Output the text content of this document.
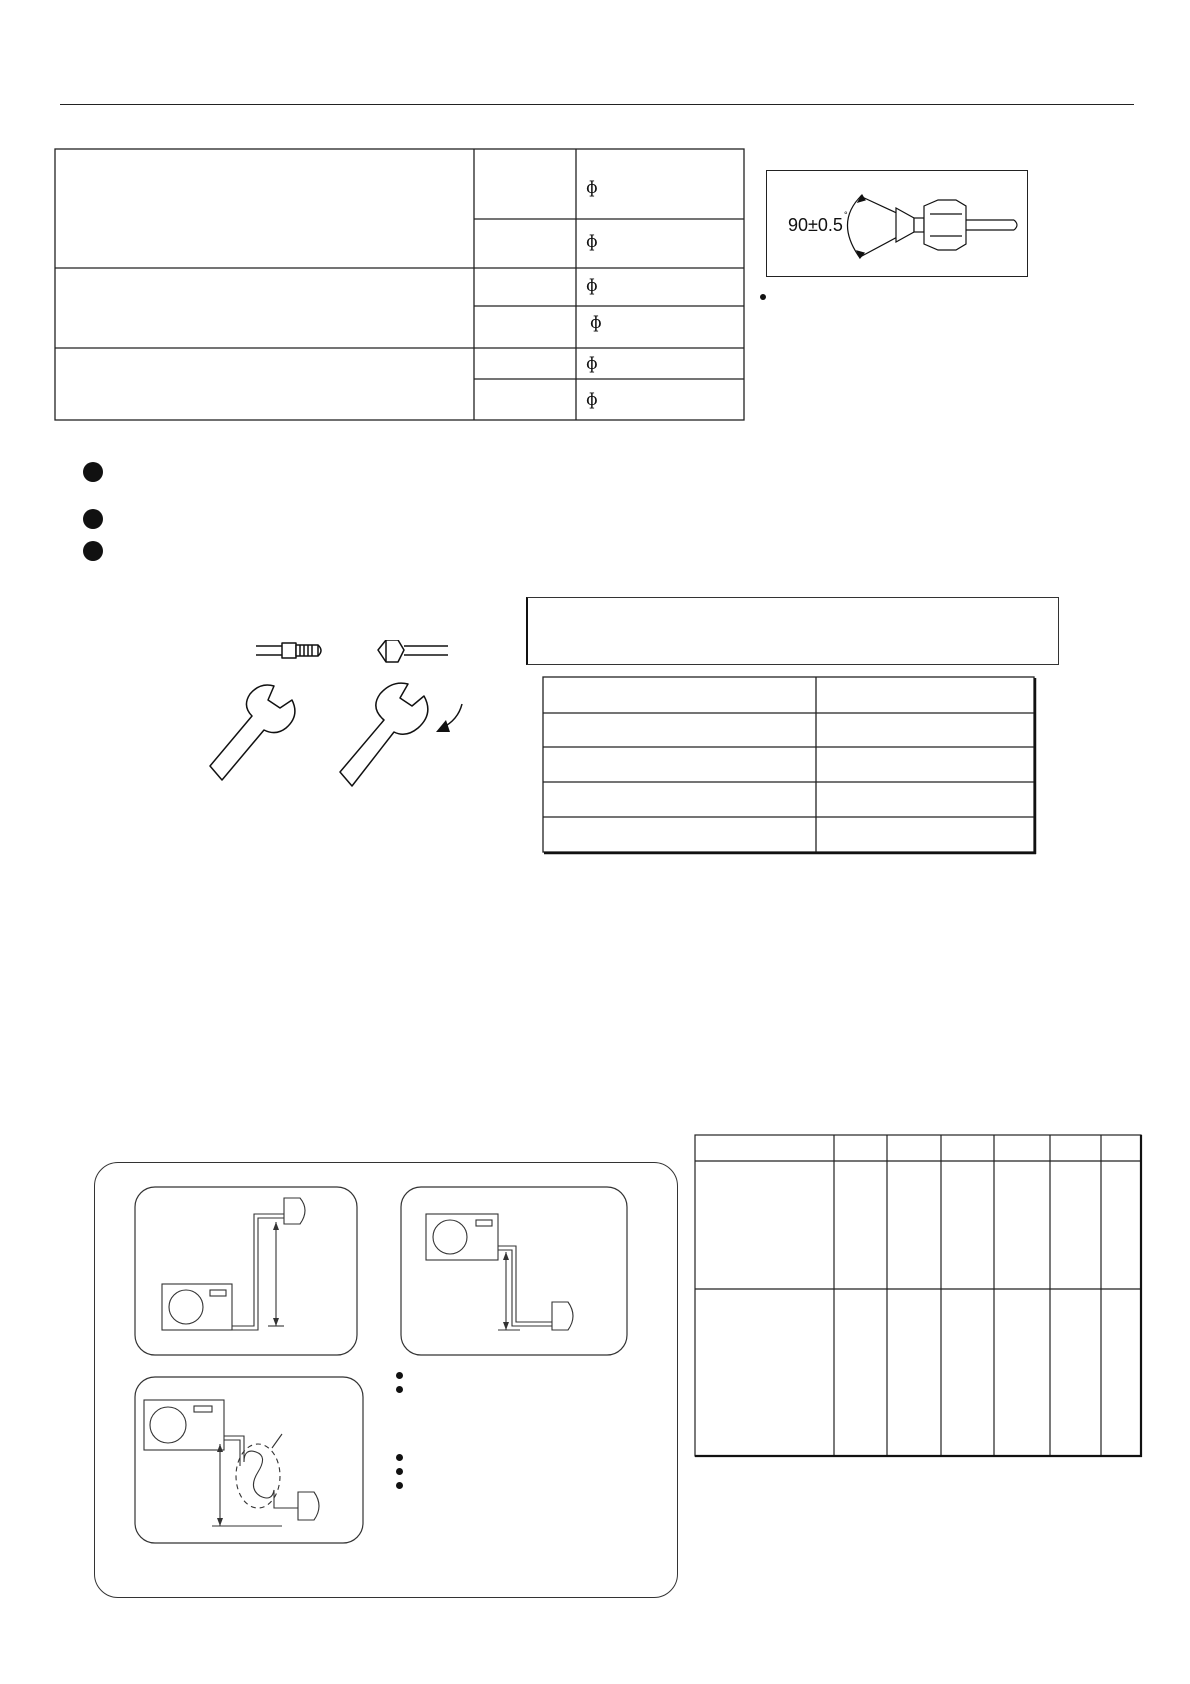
ɸ
ɸ
ɸ
ɸ
ɸ
ɸ
90±0.5 °
